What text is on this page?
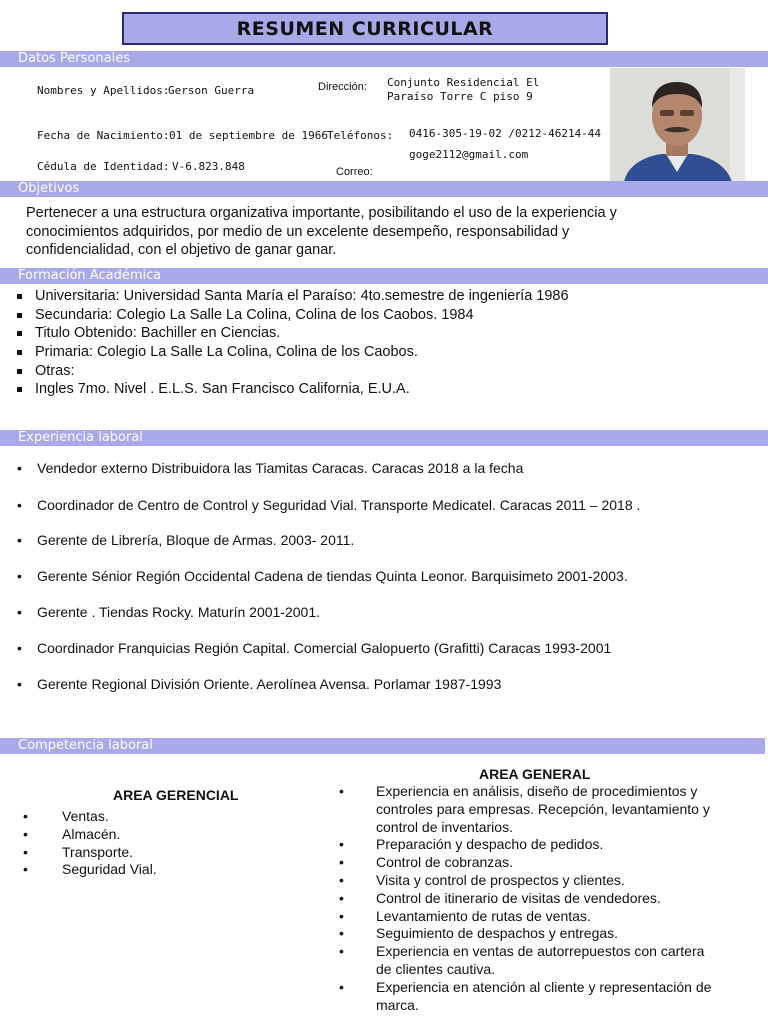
RESUMEN CURRICULAR
Datos Personales
Nombres y Apellidos:
Gerson Guerra	Dirección: Conjunto Residencial El
Paraíso Torre C piso 9
Fecha de Nacimiento: 01 de septiembre de 1966 Teléfonos: 0416-305-19-02 /0212-46214-44
Cédula de Identidad: V-6.823.848
goge2112@gmail.com
Correo:
Objetivos
Pertenecer a una estructura organizativa importante, posibilitando el uso de la experiencia y
conocimientos adquiridos, por medio de un excelente desempeño, responsabilidad y
confidencialidad, con el objetivo de ganar ganar.
Formación Académica
Universitaria: Universidad Santa María el Paraíso: 4to.semestre de ingeniería 1986
Secundaria: Colegio La Salle La Colina, Colina de los Caobos. 1984
Titulo Obtenido: Bachiller en Ciencias.
Primaria: Colegio La Salle La Colina, Colina de los Caobos.
Otras:
Ingles 7mo. Nivel . E.L.S. San Francisco California, E.U.A.
Experiencia laboral
• Vendedor externo Distribuidora las Tiamitas Caracas. Caracas 2018 a la fecha
• Coordinador de Centro de Control y Seguridad Vial. Transporte Medicatel. Caracas 2011 – 2018 .
• Gerente de Librería, Bloque de Armas. 2003- 2011.
• Gerente Sénior Región Occidental Cadena de tiendas Quinta Leonor. Barquisimeto 2001-2003.
• Gerente . Tiendas Rocky. Maturín 2001-2001.
• Coordinador Franquicias Región Capital. Comercial Galopuerto (Grafitti) Caracas 1993-2001
• Gerente Regional División Oriente. Aerolínea Avensa. Porlamar 1987-1993
Competencia laboral
AREA GERENCIAL
• Ventas.
• Almacén.
• Transporte.
• Seguridad Vial.
AREA GENERAL
• Experiencia en análisis, diseño de procedimientos y
controles para empresas. Recepción, levantamiento y
control de inventarios.
• Preparación y despacho de pedidos.
• Control de cobranzas.
• Visita y control de prospectos y clientes.
• Control de itinerario de visitas de vendedores.
• Levantamiento de rutas de ventas.
• Seguimiento de despachos y entregas.
• Experiencia en ventas de autorrepuestos con cartera
de clientes cautiva.
• Experiencia en atención al cliente y representación de
marca.
